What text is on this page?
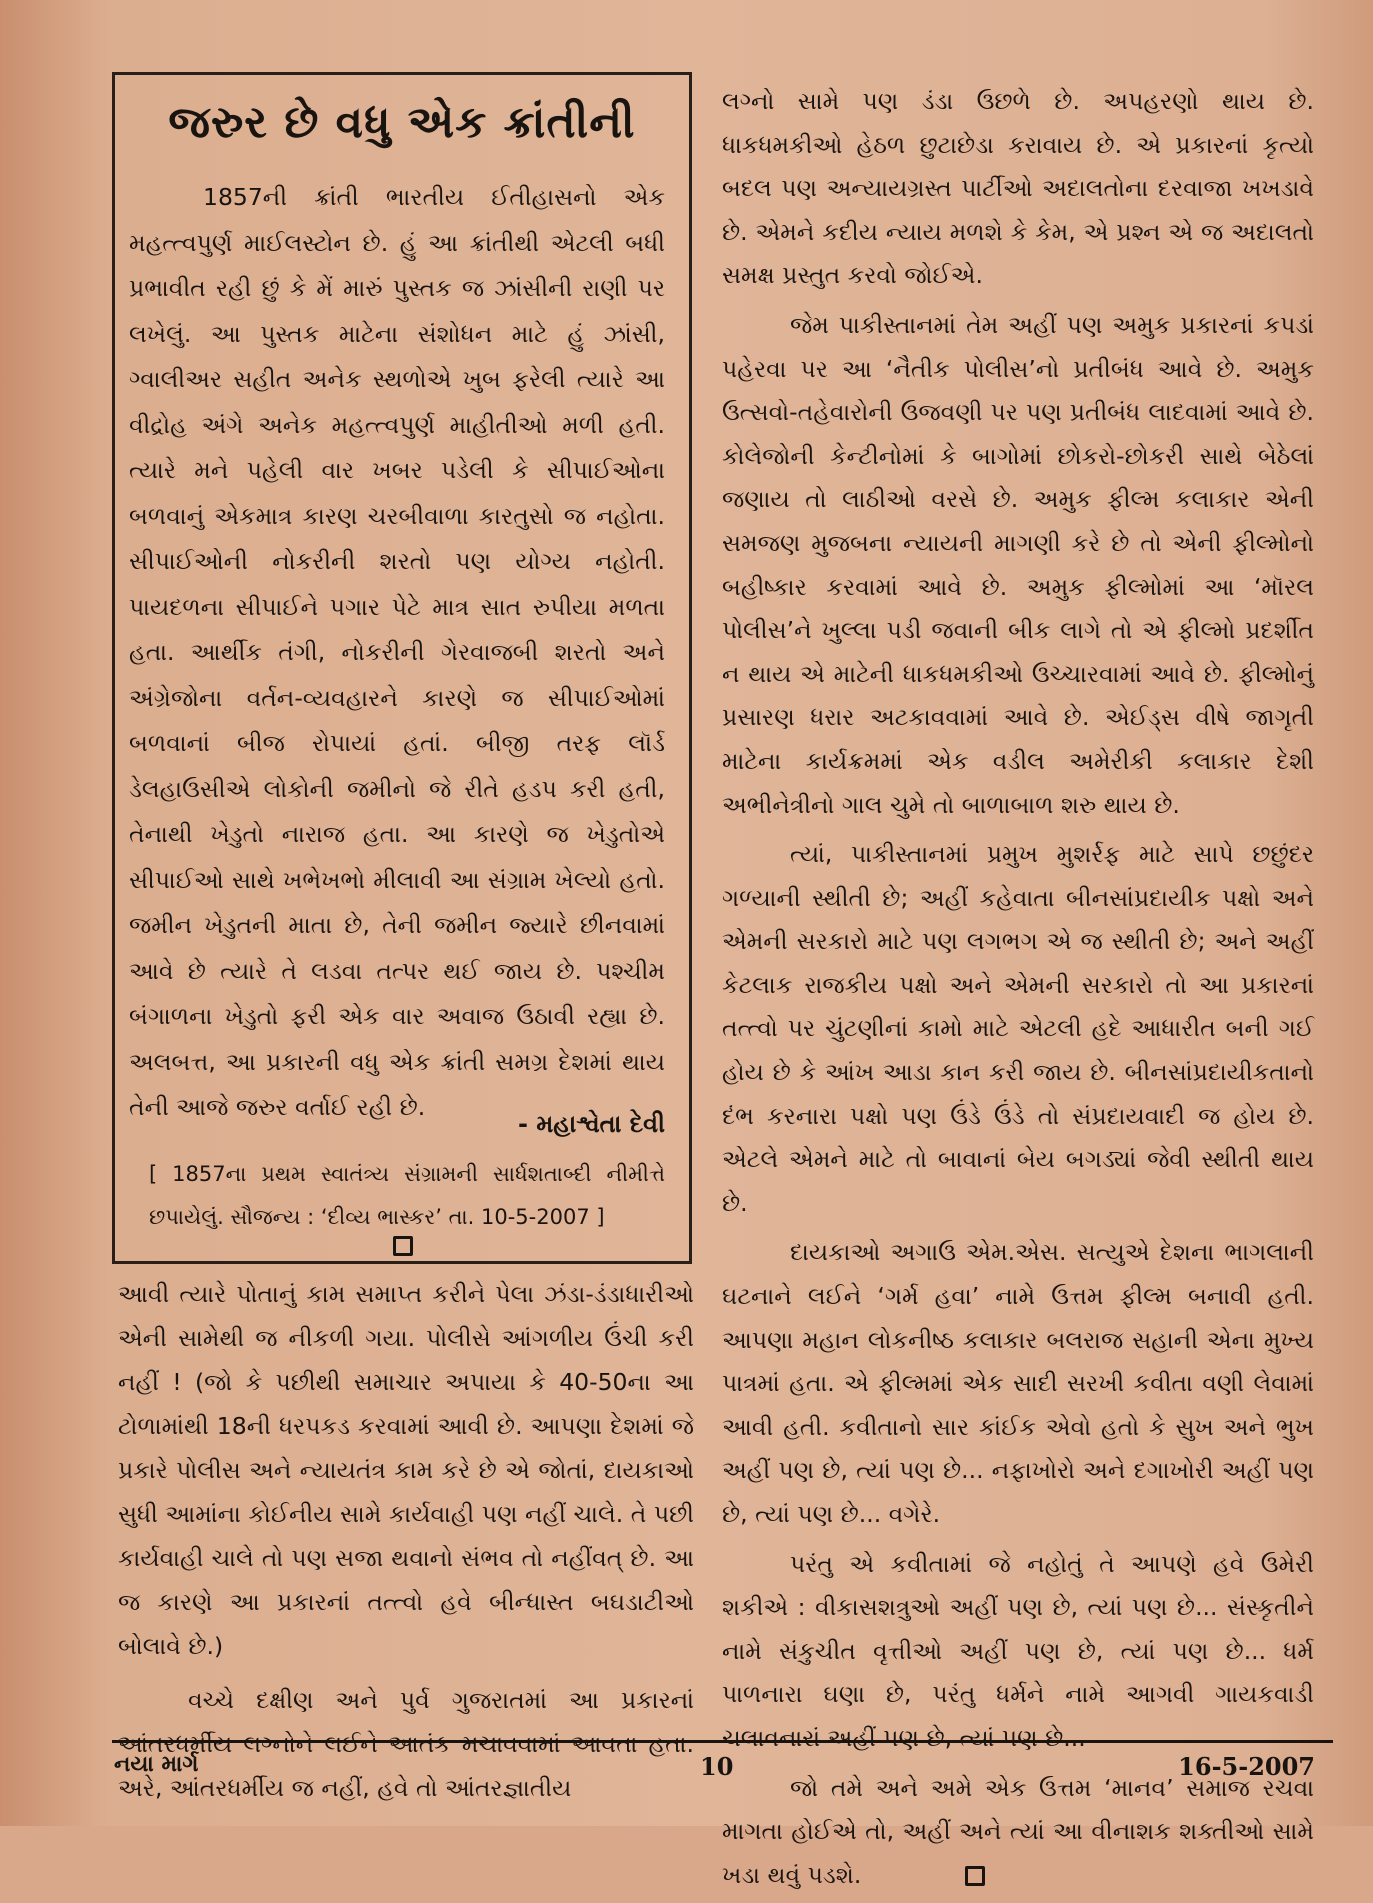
જરુર છે વધુ એક ક્રાંતીની

1857ની ક્રાંતી ભારતીય ઈતીહાસનો એક મહત્ત્વપુર્ણ માઈલસ્ટોન છે. હું આ ક્રાંતીથી એટલી બધી પ્રભાવીત રહી છું કે મેં મારું પુસ્તક જ ઝાંસીની રાણી પર લખેલું. આ પુસ્તક માટેના સંશોધન માટે હું ઝાંસી, ગ્વાલીઅર સહીત અનેક સ્થળોએ ખુબ ફરેલી ત્યારે આ વીદ્રોહ અંગે અનેક મહત્ત્વપુર્ણ માહીતીઓ મળી હતી. ત્યારે મને પહેલી વાર ખબર પડેલી કે સીપાઈઓના બળવાનું એકમાત્ર કારણ ચરબીવાળા કારતુસો જ નહોતા. સીપાઈઓની નોકરીની શરતો પણ યોગ્ય નહોતી. પાયદળના સીપાઈને પગાર પેટે માત્ર સાત રુપીયા મળતા હતા. આર્થીક તંગી, નોકરીની ગેરવાજબી શરતો અને અંગ્રેજોના વર્તન-વ્યવહારને કારણે જ સીપાઈઓમાં બળવાનાં બીજ રોપાયાં હતાં. બીજી તરફ લૉર્ડ ડેલહાઉસીએ લોકોની જમીનો જે રીતે હડપ કરી હતી, તેનાથી ખેડુતો નારાજ હતા. આ કારણે જ ખેડુતોએ સીપાઈઓ સાથે ખભેખભો મીલાવી આ સંગ્રામ ખેલ્યો હતો. જમીન ખેડુતની માતા છે, તેની જમીન જ્યારે છીનવામાં આવે છે ત્યારે તે લડવા તત્પર થઈ જાય છે. પશ્ચીમ બંગાળના ખેડુતો ફરી એક વાર અવાજ ઉઠાવી રહ્યા છે. અલબત્ત, આ પ્રકારની વધુ એક ક્રાંતી સમગ્ર દેશમાં થાય તેની આજે જરુર વર્તાઈ રહી છે.

- મહાશ્વેતા દેવી
[ 1857ના પ્રથમ સ્વાતંત્ર્ય સંગ્રામની સાર્ધશતાબ્દી નીમીત્તે છપાયેલું. સૌજન્ય : ‘દીવ્ય ભાસ્કર’ તા. 10-5-2007 ]

આવી ત્યારે પોતાનું કામ સમાપ્ત કરીને પેલા ઝંડા-ડંડાધારીઓ એની સામેથી જ નીકળી ગયા. પોલીસે આંગળીય ઉંચી કરી નહીં ! (જો કે પછીથી સમાચાર અપાયા કે 40-50ના આ ટોળામાંથી 18ની ધરપકડ કરવામાં આવી છે. આપણા દેશમાં જે પ્રકારે પોલીસ અને ન્યાયતંત્ર કામ કરે છે એ જોતાં, દાયકાઓ સુધી આમાંના કોઈનીય સામે કાર્યવાહી પણ નહીં ચાલે. તે પછી કાર્યવાહી ચાલે તો પણ સજા થવાનો સંભવ તો નહીંવત્ છે. આ જ કારણે આ પ્રકારનાં તત્ત્વો હવે બીન્ધાસ્ત બઘડાટીઓ બોલાવે છે.)

વચ્ચે દક્ષીણ અને પુર્વ ગુજરાતમાં આ પ્રકારનાં આંતરધર્મીય લગ્નોને લઈને આતંક મચાવવામાં આવતા હતા. અરે, આંતરધર્મીય જ નહીં, હવે તો આંતરજ્ઞાતીય

લગ્નો સામે પણ ડંડા ઉછળે છે. અપહરણો થાય છે. ધાકધમકીઓ હેઠળ છુટાછેડા કરાવાય છે. એ પ્રકારનાં કૃત્યો બદલ પણ અન્યાયગ્રસ્ત પાર્ટીઓ અદાલતોના દરવાજા ખખડાવે છે. એમને કદીય ન્યાય મળશે કે કેમ, એ પ્રશ્ન એ જ અદાલતો સમક્ષ પ્રસ્તુત કરવો જોઈએ.

જેમ પાકીસ્તાનમાં તેમ અહીં પણ અમુક પ્રકારનાં કપડાં પહેરવા પર આ ‘નૈતીક પોલીસ’નો પ્રતીબંધ આવે છે. અમુક ઉત્સવો-તહેવારોની ઉજવણી પર પણ પ્રતીબંધ લાદવામાં આવે છે. કોલેજોની કેન્ટીનોમાં કે બાગોમાં છોકરો-છોકરી સાથે બેઠેલાં જણાય તો લાઠીઓ વરસે છે. અમુક ફીલ્મ કલાકાર એની સમજણ મુજબના ન્યાયની માગણી કરે છે તો એની ફીલ્મોનો બહીષ્કાર કરવામાં આવે છે. અમુક ફીલ્મોમાં આ ‘મૉરલ પોલીસ’ને ખુલ્લા પડી જવાની બીક લાગે તો એ ફીલ્મો પ્રદર્શીત ન થાય એ માટેની ધાકધમકીઓ ઉચ્ચારવામાં આવે છે. ફીલ્મોનું પ્રસારણ ધરાર અટકાવવામાં આવે છે. એઈડ્સ વીષે જાગૃતી માટેના કાર્યક્રમમાં એક વડીલ અમેરીકી કલાકાર દેશી અભીનેત્રીનો ગાલ ચુમે તો બાળાબાળ શરુ થાય છે.

ત્યાં, પાકીસ્તાનમાં પ્રમુખ મુશર્રફ માટે સાપે છછુંદર ગળ્યાની સ્થીતી છે; અહીં કહેવાતા બીનસાંપ્રદાયીક પક્ષો અને એમની સરકારો માટે પણ લગભગ એ જ સ્થીતી છે; અને અહીં કેટલાક રાજકીય પક્ષો અને એમની સરકારો તો આ પ્રકારનાં તત્ત્વો પર ચુંટણીનાં કામો માટે એટલી હદે આધારીત બની ગઈ હોય છે કે આંખ આડા કાન કરી જાય છે. બીનસાંપ્રદાયીકતાનો દંભ કરનારા પક્ષો પણ ઉંડે ઉંડે તો સંપ્રદાયવાદી જ હોય છે. એટલે એમને માટે તો બાવાનાં બેય બગડ્યાં જેવી સ્થીતી થાય છે.

દાયકાઓ અગાઉ એમ.એસ. સત્યુએ દેશના ભાગલાની ઘટનાને લઈને ‘ગર્મ હવા’ નામે ઉત્તમ ફીલ્મ બનાવી હતી. આપણા મહાન લોકનીષ્ઠ કલાકાર બલરાજ સહાની એના મુખ્ય પાત્રમાં હતા. એ ફીલ્મમાં એક સાદી સરખી કવીતા વણી લેવામાં આવી હતી. કવીતાનો સાર કાંઈક એવો હતો કે સુખ અને ભુખ અહીં પણ છે, ત્યાં પણ છે... નફાખોરો અને દગાખોરી અહીં પણ છે, ત્યાં પણ છે... વગેરે.

પરંતુ એ કવીતામાં જે નહોતું તે આપણે હવે ઉમેરી શકીએ : વીકાસશત્રુઓ અહીં પણ છે, ત્યાં પણ છે... સંસ્કૃતીને નામે સંકુચીત વૃત્તીઓ અહીં પણ છે, ત્યાં પણ છે... ધર્મ પાળનારા ઘણા છે, પરંતુ ધર્મને નામે આગવી ગાયકવાડી ચલાવનારાં અહીં પણ છે, ત્યાં પણ છે...

જો તમે અને અમે એક ઉત્તમ ‘માનવ’ સમાજ રચવા માગતા હોઈએ તો, અહીં અને ત્યાં આ વીનાશક શક્તીઓ સામે ખડા થવું પડશે.

નયા માર્ગ	10	16-5-2007
